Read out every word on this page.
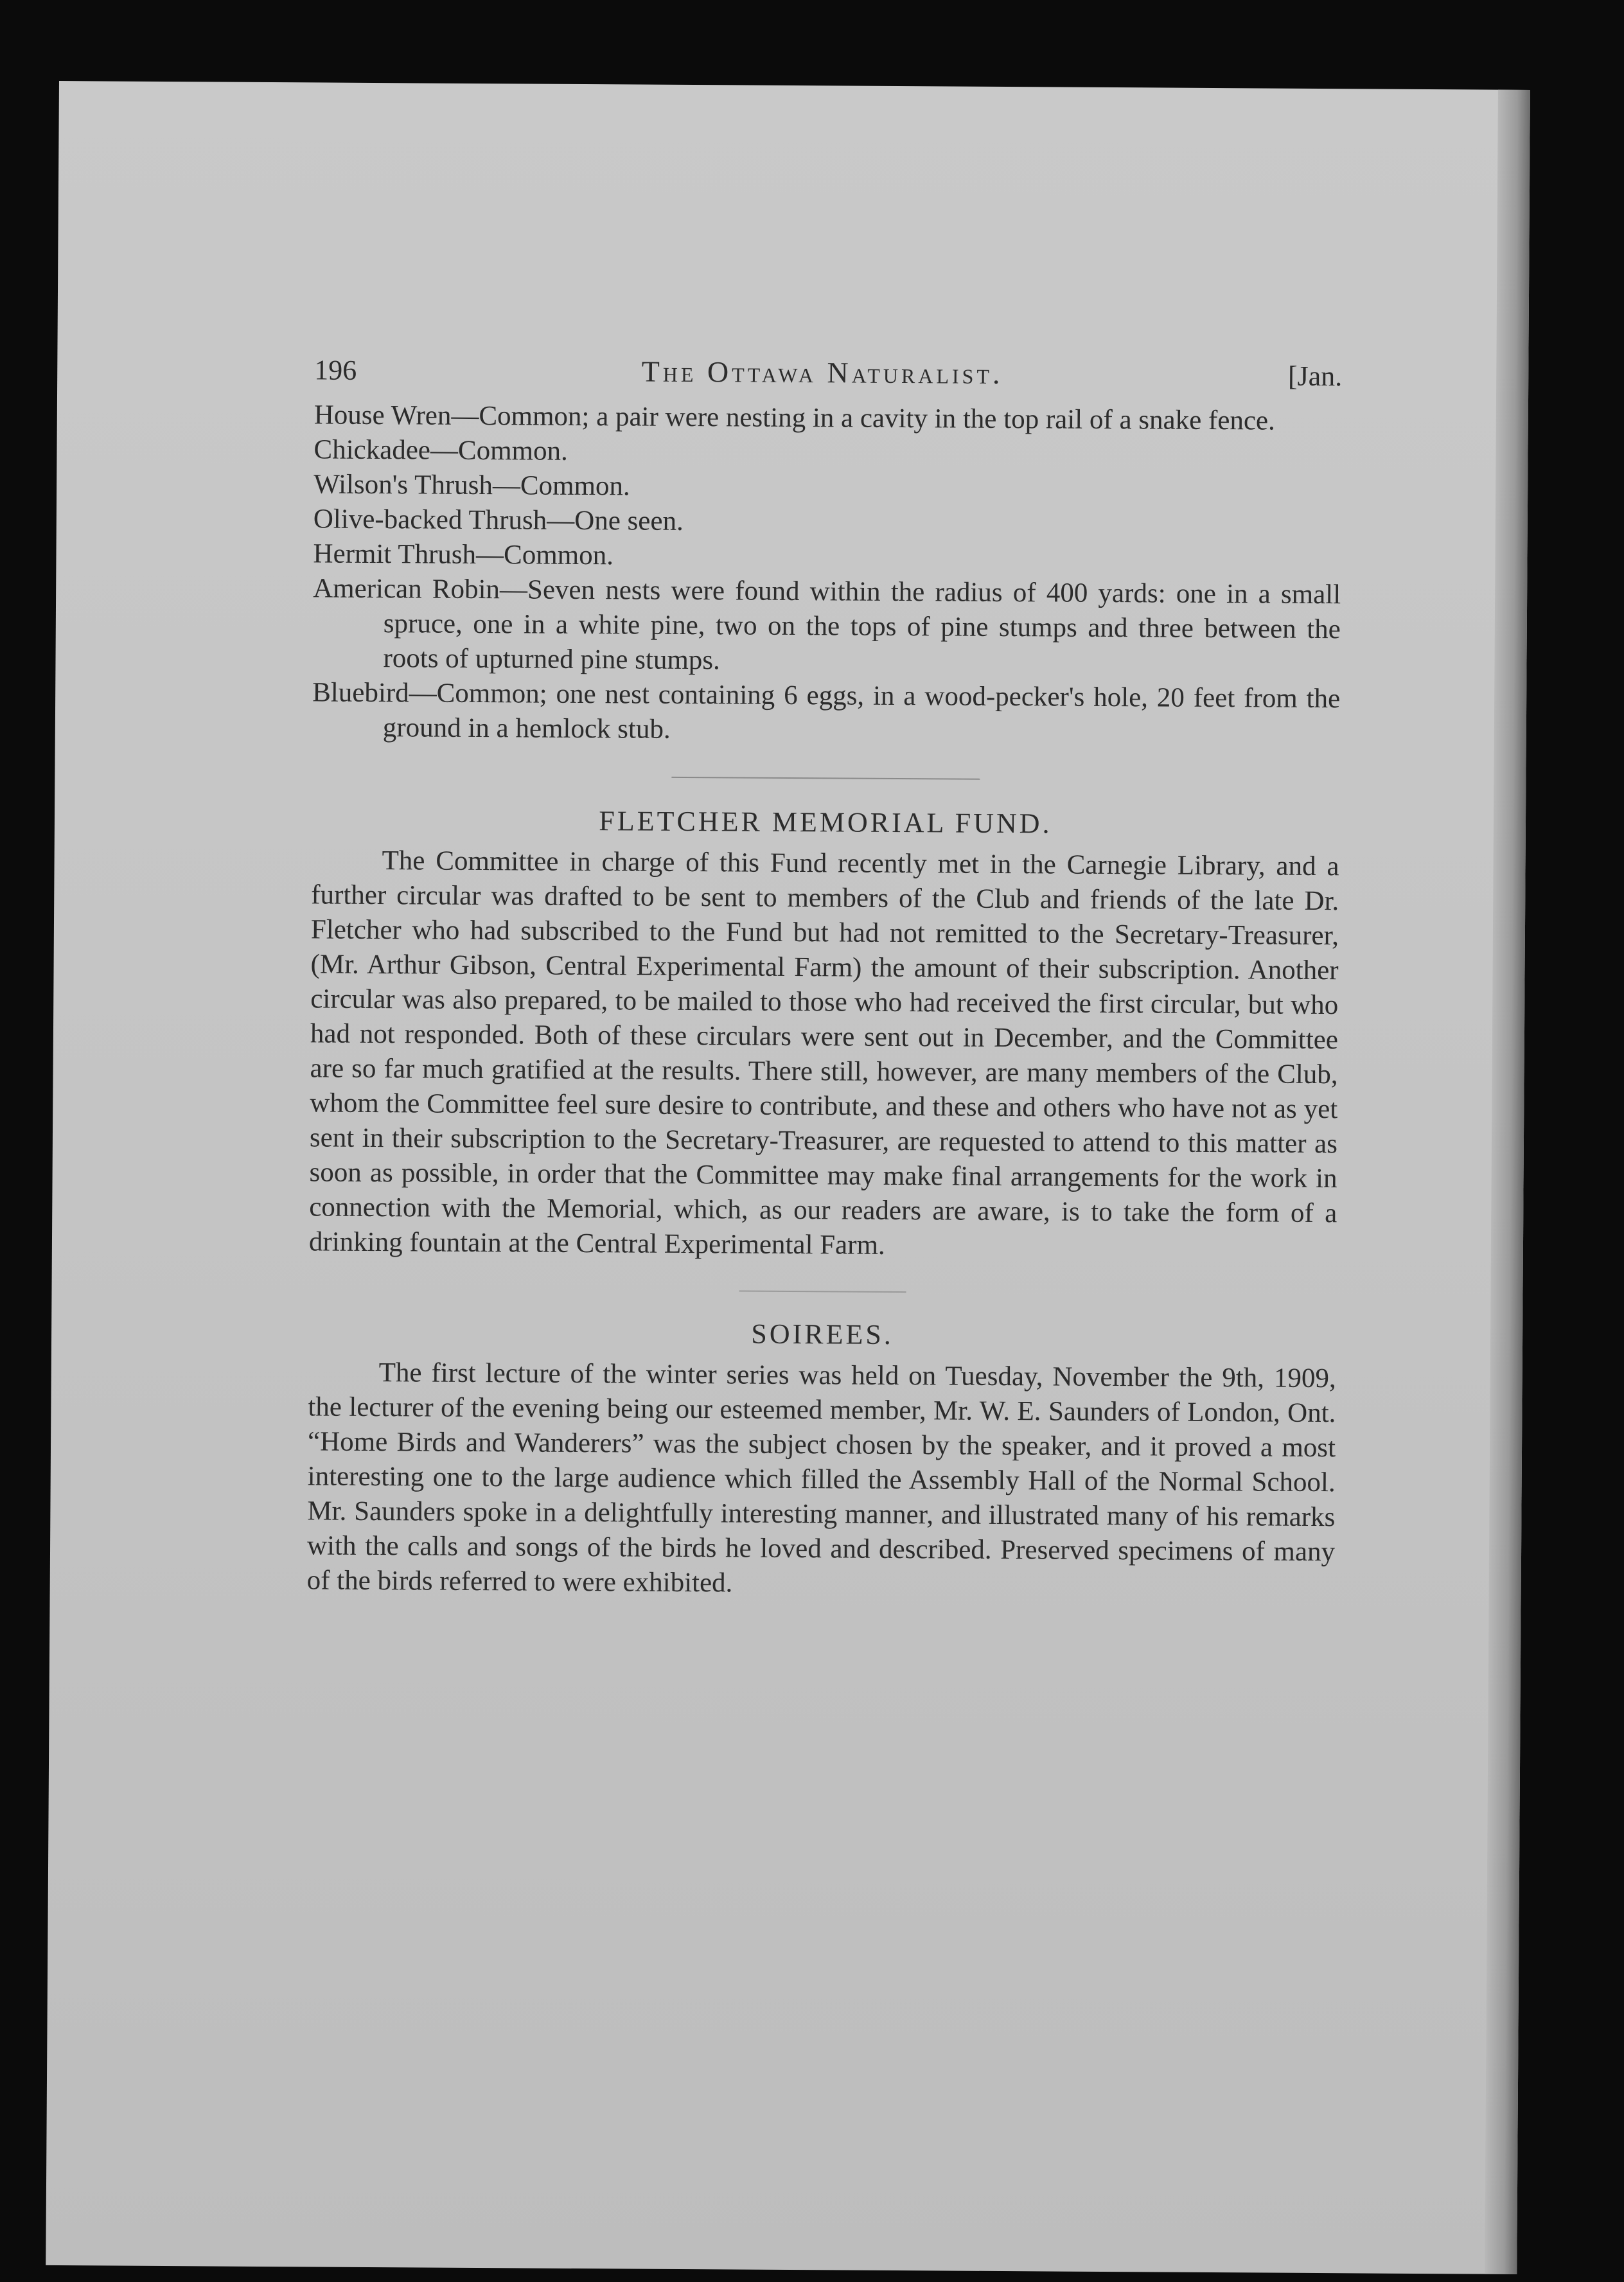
196	The Ottawa Naturalist.	[Jan.

House Wren—Common; a pair were nesting in a cavity in the top rail of a snake fence.

Chickadee—Common.

Wilson's Thrush—Common.

Olive-backed Thrush—One seen.

Hermit Thrush—Common.

American Robin—Seven nests were found within the radius of 400 yards: one in a small spruce, one in a white pine, two on the tops of pine stumps and three between the roots of upturned pine stumps.

Bluebird—Common; one nest containing 6 eggs, in a wood-pecker's hole, 20 feet from the ground in a hemlock stub.

FLETCHER MEMORIAL FUND.

The Committee in charge of this Fund recently met in the Carnegie Library, and a further circular was drafted to be sent to members of the Club and friends of the late Dr. Fletcher who had subscribed to the Fund but had not remitted to the Secretary-Treasurer, (Mr. Arthur Gibson, Central Experimental Farm) the amount of their subscription. Another circular was also prepared, to be mailed to those who had received the first circular, but who had not responded. Both of these circulars were sent out in December, and the Committee are so far much gratified at the results. There still, however, are many members of the Club, whom the Committee feel sure desire to contribute, and these and others who have not as yet sent in their subscription to the Secretary-Treasurer, are requested to attend to this matter as soon as possible, in order that the Committee may make final arrangements for the work in connection with the Memorial, which, as our readers are aware, is to take the form of a drinking fountain at the Central Experimental Farm.

SOIREES.

The first lecture of the winter series was held on Tuesday, November the 9th, 1909, the lecturer of the evening being our esteemed member, Mr. W. E. Saunders of London, Ont. “Home Birds and Wanderers” was the subject chosen by the speaker, and it proved a most interesting one to the large audience which filled the Assembly Hall of the Normal School. Mr. Saunders spoke in a delightfully interesting manner, and illustrated many of his remarks with the calls and songs of the birds he loved and described. Preserved specimens of many of the birds referred to were exhibited.
